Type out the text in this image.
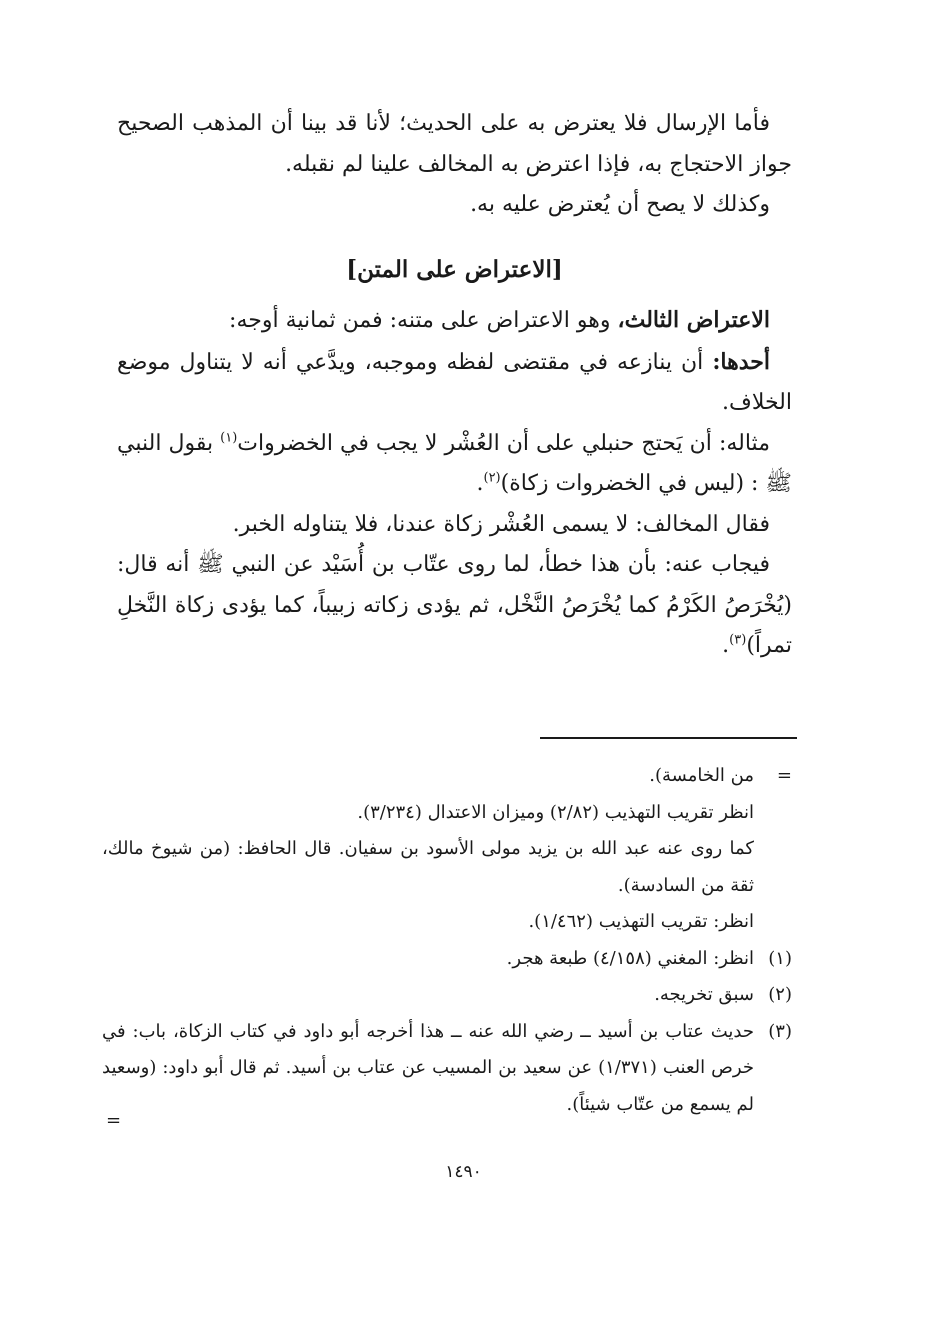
فأما الإرسال فلا يعترض به على الحديث؛ لأنا قد بينا أن المذهب الصحيح جواز الاحتجاج به، فإذا اعترض به المخالف علينا لم نقبله.

وكذلك لا يصح أن يُعترض عليه به.

[الاعتراض على المتن]

الاعتراض الثالث، وهو الاعتراض على متنه: فمن ثمانية أوجه:

أحدها: أن ينازعه في مقتضى لفظه وموجبه، ويدَّعي أنه لا يتناول موضع الخلاف.

مثاله: أن يَحتج حنبلي على أن العُشْر لا يجب في الخضروات$^{(١)}$ بقول النبي ﷺ : (ليس في الخضروات زكاة)$^{(٢)}$.

فقال المخالف: لا يسمى العُشْر زكاة عندنا، فلا يتناوله الخبر.

فيجاب عنه: بأن هذا خطأ، لما روى عتّاب بن أُسَيْد عن النبي ﷺ أنه قال: (يُخْرَصُ الكَرْمُ كما يُخْرَصُ النَّخْل، ثم يؤدى زكاته زبيباً، كما يؤدى زكاة النَّخلِ تمراً)$^{(٣)}$.

=
من الخامسة).
انظر تقريب التهذيب (٢/٨٢) وميزان الاعتدال (٣/٢٣٤).
كما روى عنه عبد الله بن يزيد مولى الأسود بن سفيان. قال الحافظ: (من شيوخ مالك، ثقة من السادسة).
انظر: تقريب التهذيب (١/٤٦٢).
(١)
انظر: المغني (٤/١٥٨) طبعة هجر.
(٢)
سبق تخريجه.
(٣)
حديث عتاب بن أسيد ــ رضي الله عنه ــ هذا أخرجه أبو داود في كتاب الزكاة، باب: في خرص العنب (١/٣٧١) عن سعيد بن المسيب عن عتاب بن أسيد. ثم قال أبو داود: (وسعيد لم يسمع من عتّاب شيئاً).
=
١٤٩٠
